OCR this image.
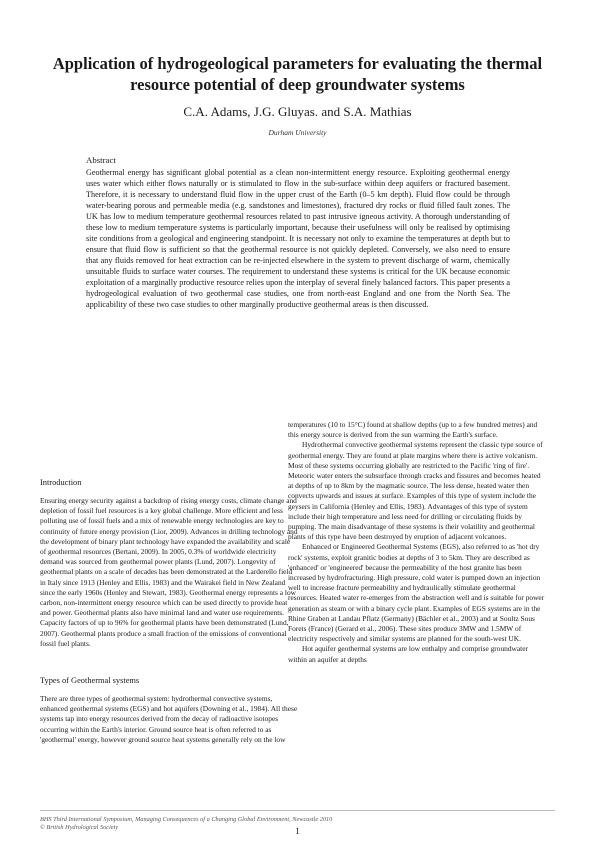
Application of hydrogeological parameters for evaluating the thermal resource potential of deep groundwater systems
C.A. Adams, J.G. Gluyas. and S.A. Mathias
Durham University
Abstract

Geothermal energy has significant global potential as a clean non-intermittent energy resource. Exploiting geothermal energy uses water which either flows naturally or is stimulated to flow in the sub-surface within deep aquifers or fractured basement. Therefore, it is necessary to understand fluid flow in the upper crust of the Earth (0–5 km depth). Fluid flow could be through water-bearing porous and permeable media (e.g. sandstones and limestones), fractured dry rocks or fluid filled fault zones. The UK has low to medium temperature geothermal resources related to past intrusive igneous activity. A thorough understanding of these low to medium temperature systems is particularly important, because their usefulness will only be realised by optimising site conditions from a geological and engineering standpoint. It is necessary not only to examine the temperatures at depth but to ensure that fluid flow is sufficient so that the geothermal resource is not quickly depleted. Conversely, we also need to ensure that any fluids removed for heat extraction can be re-injected elsewhere in the system to prevent discharge of warm, chemically unsuitable fluids to surface water courses. The requirement to understand these systems is critical for the UK because economic exploitation of a marginally productive resource relies upon the interplay of several finely balanced factors. This paper presents a hydrogeological evaluation of two geothermal case studies, one from north-east England and one from the North Sea. The applicability of these two case studies to other marginally productive geothermal areas is then discussed.

Introduction

Ensuring energy security against a backdrop of rising energy costs, climate change and depletion of fossil fuel resources is a key global challenge. More efficient and less polluting use of fossil fuels and a mix of renewable energy technologies are key to continuity of future energy provision (Lior, 2009). Advances in drilling technology and the development of binary plant technology have expanded the availability and scale of geothermal resources (Bertani, 2009). In 2005, 0.3% of worldwide electricity demand was sourced from geothermal power plants (Lund, 2007). Longevity of geothermal plants on a scale of decades has been demonstrated at the Larderello field in Italy since 1913 (Henley and Ellis, 1983) and the Wairakei field in New Zealand since the early 1960s (Henley and Stewart, 1983). Geothermal energy represents a low carbon, non-intermittent energy resource which can be used directly to provide heat and power. Geothermal plants also have minimal land and water use requirements. Capacity factors of up to 96% for geothermal plants have been demonstrated (Lund, 2007). Geothermal plants produce a small fraction of the emissions of conventional fossil fuel plants.

Types of Geothermal systems

There are three types of geothermal system: hydrothermal convective systems, enhanced geothermal systems (EGS) and hot aquifers (Downing et al., 1984). All these systems tap into energy resources derived from the decay of radioactive isotopes occurring within the Earth's interior. Ground source heat is often referred to as 'geothermal' energy, however ground source heat systems generally rely on the low

temperatures (10 to 15°C) found at shallow depths (up to a few hundred metres) and this energy source is derived from the sun warming the Earth's surface.

Hydrothermal convective geothermal systems represent the classic type source of geothermal energy. They are found at plate margins where there is active volcanism. Most of these systems occurring globally are restricted to the Pacific 'ring of fire'. Meteoric water enters the subsurface through cracks and fissures and becomes heated at depths of up to 8km by the magmatic source. The less dense, heated water then convects upwards and issues at surface. Examples of this type of system include the geysers in California (Henley and Ellis, 1983). Advantages of this type of system include their high temperature and less need for drilling or circulating fluids by pumping. The main disadvantage of these systems is their volatility and geothermal plants of this type have been destroyed by eruption of adjacent volcanoes.

Enhanced or Engineered Geothermal Systems (EGS), also referred to as 'hot dry rock' systems, exploit granitic bodies at depths of 3 to 5km. They are described as 'enhanced' or 'engineered' because the permeability of the host granite has been increased by hydrofracturing. High pressure, cold water is pumped down an injection well to increase fracture permeability and hydraulically stimulate geothermal resources. Heated water re-emerges from the abstraction well and is suitable for power generation as steam or with a binary cycle plant. Examples of EGS systems are in the Rhine Graben at Landau Pflatz (Germany) (Bächler et al., 2003) and at Soultz Sous Forets (France) (Gerard et al., 2006). These sites produce 3MW and 1.5MW of electricity respectively and similar systems are planned for the south-west UK.

Hot aquifer geothermal systems are low enthalpy and comprise groundwater within an aquifer at depths

BHS Third International Symposium, Managing Consequences of a Changing Global Environment, Newcastle 2010
© British Hydrological Society	1
